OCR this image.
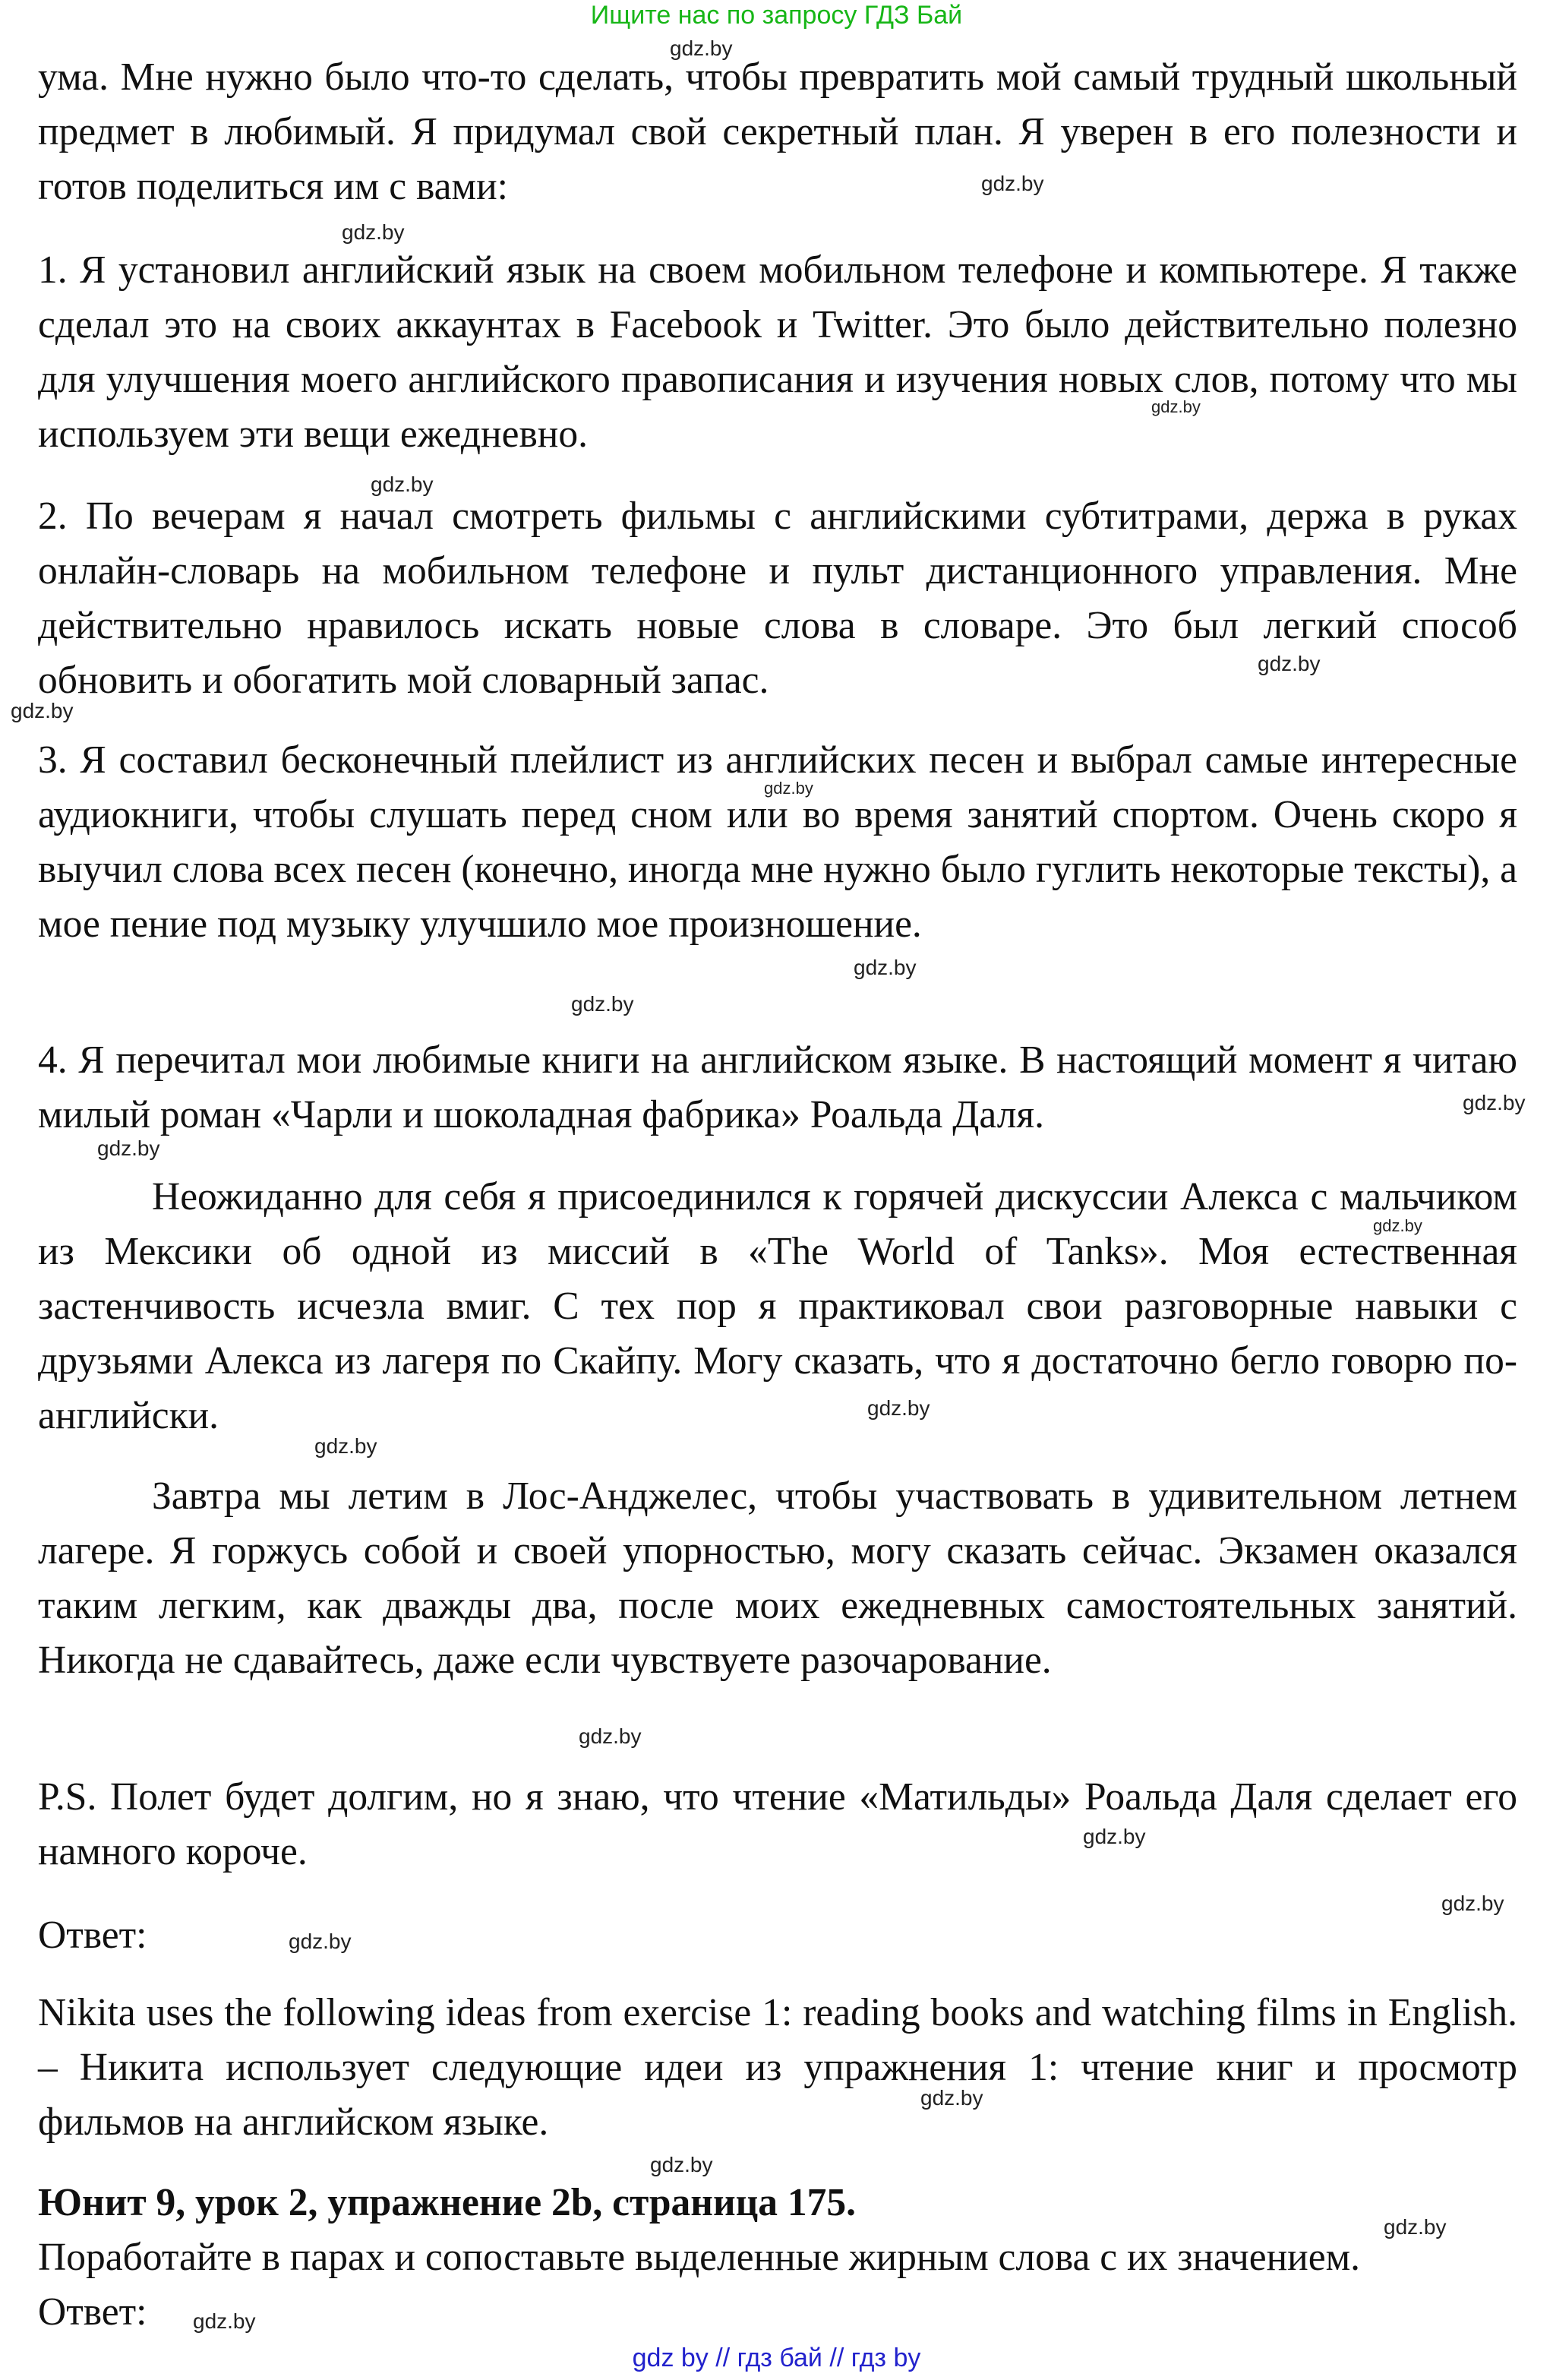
Ищите нас по запросу ГДЗ Бай

ума. Мне нужно было что-то сделать, чтобы превратить мой самый трудный школьный предмет в любимый. Я придумал свой секретный план. Я уверен в его полезности и готов поделиться им с вами:

1. Я установил английский язык на своем мобильном телефоне и компьютере. Я также сделал это на своих аккаунтах в Facebook и Twitter. Это было действительно полезно для улучшения моего английского правописания и изучения новых слов, потому что мы используем эти вещи ежедневно.

2. По вечерам я начал смотреть фильмы с английскими субтитрами, держа в руках онлайн-словарь на мобильном телефоне и пульт дистанционного управления. Мне действительно нравилось искать новые слова в словаре. Это был легкий способ обновить и обогатить мой словарный запас.

3. Я составил бесконечный плейлист из английских песен и выбрал самые интересные аудиокниги, чтобы слушать перед сном или во время занятий спортом. Очень скоро я выучил слова всех песен (конечно, иногда мне нужно было гуглить некоторые тексты), а мое пение под музыку улучшило мое произношение.

4. Я перечитал мои любимые книги на английском языке. В настоящий момент я читаю милый роман «Чарли и шоколадная фабрика» Роальда Даля.

Неожиданно для себя я присоединился к горячей дискуссии Алекса с мальчиком из Мексики об одной из миссий в «The World of Tanks». Моя естественная застенчивость исчезла вмиг. С тех пор я практиковал свои разговорные навыки с друзьями Алекса из лагеря по Скайпу. Могу сказать, что я достаточно бегло говорю по-английски.

Завтра мы летим в Лос-Анджелес, чтобы участвовать в удивительном летнем лагере. Я горжусь собой и своей упорностью, могу сказать сейчас. Экзамен оказался таким легким, как дважды два, после моих ежедневных самостоятельных занятий. Никогда не сдавайтесь, даже если чувствуете разочарование.

P.S. Полет будет долгим, но я знаю, что чтение «Матильды» Роальда Даля сделает его намного короче.

Ответ:

Nikita uses the following ideas from exercise 1: reading books and watching films in English. – Никита использует следующие идеи из упражнения 1: чтение книг и просмотр фильмов на английском языке.

Юнит 9, урок 2, упражнение 2b, страница 175.

Поработайте в парах и сопоставьте выделенные жирным слова с их значением.

Ответ:

gdz.by
gdz.by
gdz.by
gdz.by
gdz.by
gdz.by
gdz.by
gdz.by
gdz.by
gdz.by
gdz.by
gdz.by
gdz.by
gdz.by
gdz.by
gdz.by
gdz.by
gdz.by
gdz.by
gdz.by
gdz.by
gdz.by
gdz.by
gdz by // гдз бай // гдз by
